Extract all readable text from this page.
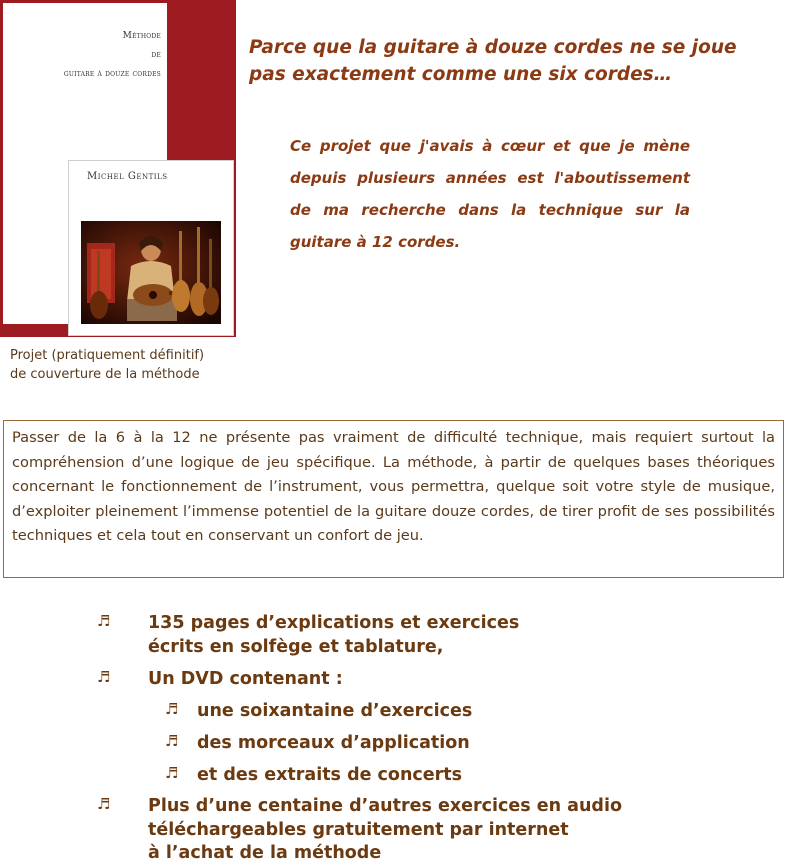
Méthode
de
guitare à douze cordes
Michel Gentils
Projet (pratiquement définitif)
de couverture de la méthode
Parce que la guitare à douze cordes ne se joue
pas exactement comme une six cordes…
Ce projet que j'avais à cœur et que je mène depuis plusieurs années est l'aboutissement de ma recherche dans la technique sur la guitare à 12 cordes.
Passer de la 6 à la 12 ne présente pas vraiment de difficulté technique, mais requiert surtout la compréhension d’une logique de jeu spécifique. La méthode, à partir de quelques bases théoriques concernant le fonctionnement de l’instrument, vous permettra, quelque soit votre style de musique, d’exploiter pleinement l’immense potentiel de la guitare douze cordes, de tirer profit de ses possibilités techniques et cela tout en conservant un confort de jeu.
♬ 135 pages d’explications et exercices
écrits en solfège et tablature,
♬ Un DVD contenant :
♬ une soixantaine d’exercices
♬ des morceaux d’application
♬ et des extraits de concerts
♬ Plus d’une centaine d’autres exercices en audio
téléchargeables gratuitement par internet
à l’achat de la méthode
